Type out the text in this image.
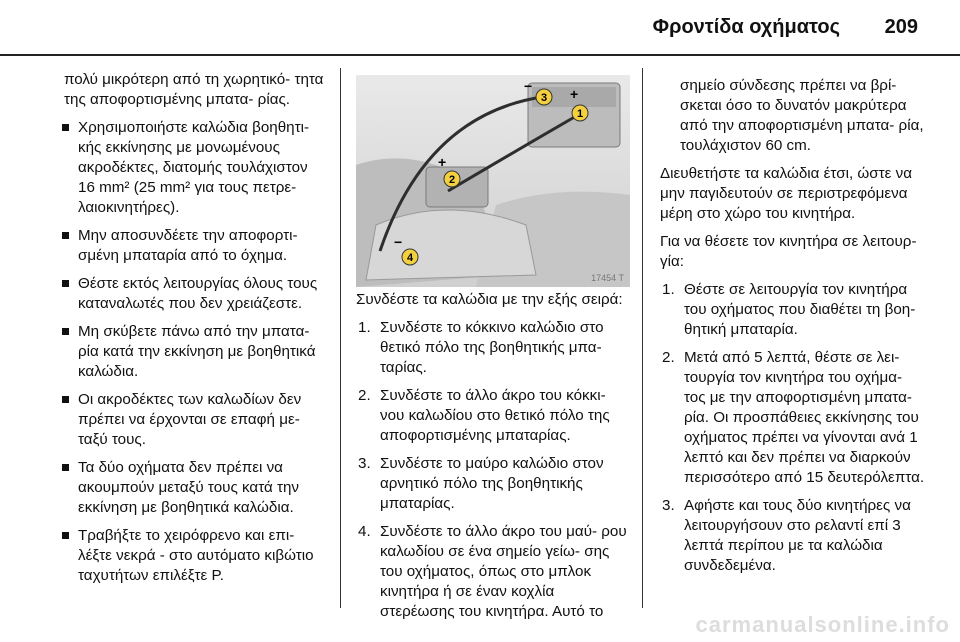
Φροντίδα οχήματος 209

πολύ μικρότερη από τη χωρητικό- τητα της αποφορτισμένης μπατα- ρίας.

Χρησιμοποιήστε καλώδια βοηθητι- κής εκκίνησης με μονωμένους ακροδέκτες, διατομής τουλάχιστον 16 mm² (25 mm² για τους πετρε- λαιοκινητήρες).
Μην αποσυνδέετε την αποφορτι- σμένη μπαταρία από το όχημα.
Θέστε εκτός λειτουργίας όλους τους καταναλωτές που δεν χρειάζεστε.
Μη σκύβετε πάνω από την μπατα- ρία κατά την εκκίνηση με βοηθητικά καλώδια.
Οι ακροδέκτες των καλωδίων δεν πρέπει να έρχονται σε επαφή με- ταξύ τους.
Τα δύο οχήματα δεν πρέπει να ακουμπούν μεταξύ τους κατά την εκκίνηση με βοηθητικά καλώδια.
Τραβήξτε το χειρόφρενο και επι- λέξτε νεκρά - στο αυτόματο κιβώτιο ταχυτήτων επιλέξτε P.
1
2
3
4
+
+
−
−
17454 T

Συνδέστε τα καλώδια με την εξής σειρά:

1. Συνδέστε το κόκκινο καλώδιο στο θετικό πόλο της βοηθητικής μπα- ταρίας.
2. Συνδέστε το άλλο άκρο του κόκκι- νου καλωδίου στο θετικό πόλο της αποφορτισμένης μπαταρίας.
3. Συνδέστε το μαύρο καλώδιο στον αρνητικό πόλο της βοηθητικής μπαταρίας.
4. Συνδέστε το άλλο άκρο του μαύ- ρου καλωδίου σε ένα σημείο γείω- σης του οχήματος, όπως στο μπλοκ κινητήρα ή σε έναν κοχλία στερέωσης του κινητήρα. Αυτό το

σημείο σύνδεσης πρέπει να βρί- σκεται όσο το δυνατόν μακρύτερα από την αποφορτισμένη μπατα- ρία, τουλάχιστον 60 cm.

Διευθετήστε τα καλώδια έτσι, ώστε να μην παγιδευτούν σε περιστρεφόμενα μέρη στο χώρο του κινητήρα.

Για να θέσετε τον κινητήρα σε λειτουρ- γία:

1. Θέστε σε λειτουργία τον κινητήρα του οχήματος που διαθέτει τη βοη- θητική μπαταρία.
2. Μετά από 5 λεπτά, θέστε σε λει- τουργία τον κινητήρα του οχήμα- τος με την αποφορτισμένη μπατα- ρία. Οι προσπάθειες εκκίνησης του οχήματος πρέπει να γίνονται ανά 1 λεπτό και δεν πρέπει να διαρκούν περισσότερο από 15 δευτερόλεπτα.
3. Αφήστε και τους δύο κινητήρες να λειτουργήσουν στο ρελαντί επί 3 λεπτά περίπου με τα καλώδια συνδεδεμένα.
carmanualsonline.info
